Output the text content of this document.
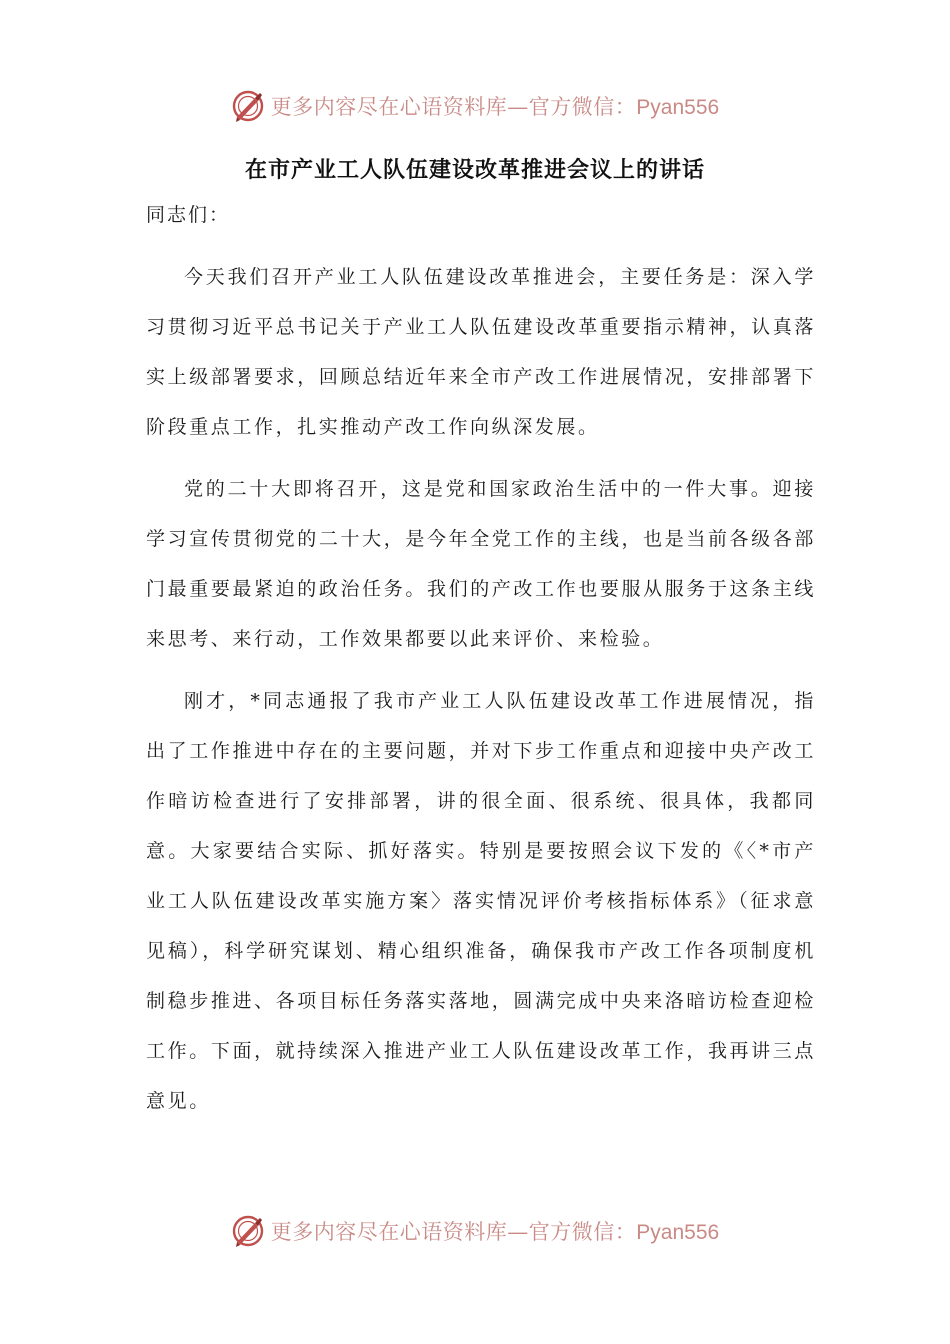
更多内容尽在心语资料库—官方微信：Pyan556
在市产业工人队伍建设改革推进会议上的讲话

同志们：

今天我们召开产业工人队伍建设改革推进会，主要任务是：深入学习贯彻习近平总书记关于产业工人队伍建设改革重要指示精神，认真落实上级部署要求，回顾总结近年来全市产改工作进展情况，安排部署下阶段重点工作，扎实推动产改工作向纵深发展。

党的二十大即将召开，这是党和国家政治生活中的一件大事。迎接学习宣传贯彻党的二十大，是今年全党工作的主线，也是当前各级各部门最重要最紧迫的政治任务。我们的产改工作也要服从服务于这条主线来思考、来行动，工作效果都要以此来评价、来检验。

刚才，*同志通报了我市产业工人队伍建设改革工作进展情况，指出了工作推进中存在的主要问题，并对下步工作重点和迎接中央产改工作暗访检查进行了安排部署，讲的很全面、很系统、很具体，我都同意。大家要结合实际、抓好落实。特别是要按照会议下发的《〈*市产业工人队伍建设改革实施方案〉落实情况评价考核指标体系》（征求意见稿），科学研究谋划、精心组织准备，确保我市产改工作各项制度机制稳步推进、各项目标任务落实落地，圆满完成中央来洛暗访检查迎检工作。下面，就持续深入推进产业工人队伍建设改革工作，我再讲三点意见。

更多内容尽在心语资料库—官方微信：Pyan556
